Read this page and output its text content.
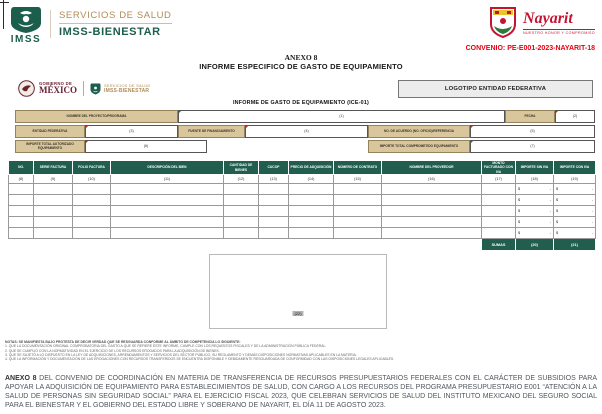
IMSS
SERVICIOS DE SALUD
IMSS-BIENESTAR
Nayarit
NUESTRO HONOR Y COMPROMISO
CONVENIO: PE-E001-2023-NAYARIT-18
ANEXO 8
INFORME ESPECIFICO DE GASTO DE EQUIPAMIENTO
GOBIERNO DE
MÉXICO	SERVICIOS DE SALUD
IMSS-BIENESTAR	LOGOTIPO ENTIDAD FEDERATIVA
INFORME DE GASTO DE EQUIPAMIENTO (ICE-01)
NOMBRE DEL PROYECTO/PROGRAMA	(1)	FECHA	(2)
ENTIDAD FEDERATIVA	(3)	FUENTE DE FINANCIAMIENTO	(4)	NO. DE ACUERDO (NO. OFICIO)/REFERENCIA	(5)
IMPORTE TOTAL AUTORIZADO EQUIPAMIENTO	(6)	IMPORTE TOTAL COMPROMETIDO EQUIPAMIENTO	(7)
NO.	SERIE FACTURA	FOLIO FACTURA	DESCRIPCIÓN DEL BIEN	CANTIDAD DE BIENES	CUCOP	PRECIO DE ADQUISICIÓN	NÚMERO DE CONTRATO	NOMBRE DEL PROVEEDOR	MONTO FACTURADO CON IVA	IMPORTE SIN IVA	IMPORTE CON IVA
(8)	(9)	(10)	(11)	(12)	(13)	(14)	(15)	(16)	(17)	(18)	(19)

										$ -	$ -

										$ -	$ -

										$ -	$ -

										$ -	$ -

										$ -	$ -

									SUMAS	(20)	(21)
(22)
NOTAS: SE MANIFIESTA BAJO PROTESTA DE DECIR VERDAD QUE SE RESGUARDA CONFORME AL ÁMBITO DE COMPETENCIA LO SIGUIENTE:
1. QUE LA DOCUMENTACIÓN ORIGINAL COMPROBATORIA DEL GASTO A QUE SE REFIERE ESTE INFORME, CUMPLE CON LOS REQUISITOS FISCALES Y DE LA ADMINISTRACIÓN PÚBLICA FEDERAL.
2. QUE SE CUMPLIÓ CON LA NORMATIVIDAD EN EL EJERCICIO DE LOS RECURSOS EROGADOS PARA LA ADQUISICIÓN DE BIENES.
3. QUE SE SUJETÓ A LO DISPUESTO EN LA LEY DE ADQUISICIONES, ARRENDAMIENTOS Y SERVICIOS DEL SECTOR PÚBLICO, SU REGLAMENTO Y DEMÁS DISPOSICIONES NORMATIVAS APLICABLES EN LA MATERIA.
4. QUE LA INFORMACIÓN Y DOCUMENTACIÓN DE LAS EROGACIONES CON RECURSOS TRANSFERIDOS SE ENCUENTRA DISPONIBLE Y DEBIDAMENTE RESGUARDADA DE CONFORMIDAD CON LAS DISPOSICIONES LEGALES APLICABLES.
ANEXO 8 DEL CONVENIO DE COORDINACIÓN EN MATERIA DE TRANSFERENCIA DE RECURSOS PRESUPUESTARIOS FEDERALES CON EL CARÁCTER DE SUBSIDIOS PARA APOYAR LA ADQUISICIÓN DE EQUIPAMIENTO PARA ESTABLECIMIENTOS DE SALUD, CON CARGO A LOS RECURSOS DEL PROGRAMA PRESUPUESTARIO E001 “ATENCIÓN A LA SALUD DE PERSONAS SIN SEGURIDAD SOCIAL” PARA EL EJERCICIO FISCAL 2023, QUE CELEBRAN SERVICIOS DE SALUD DEL INSTITUTO MEXICANO DEL SEGURO SOCIAL PARA EL BIENESTAR Y EL GOBIERNO DEL ESTADO LIBRE Y SOBERANO DE NAYARIT, EL DÍA 11 DE AGOSTO 2023.
